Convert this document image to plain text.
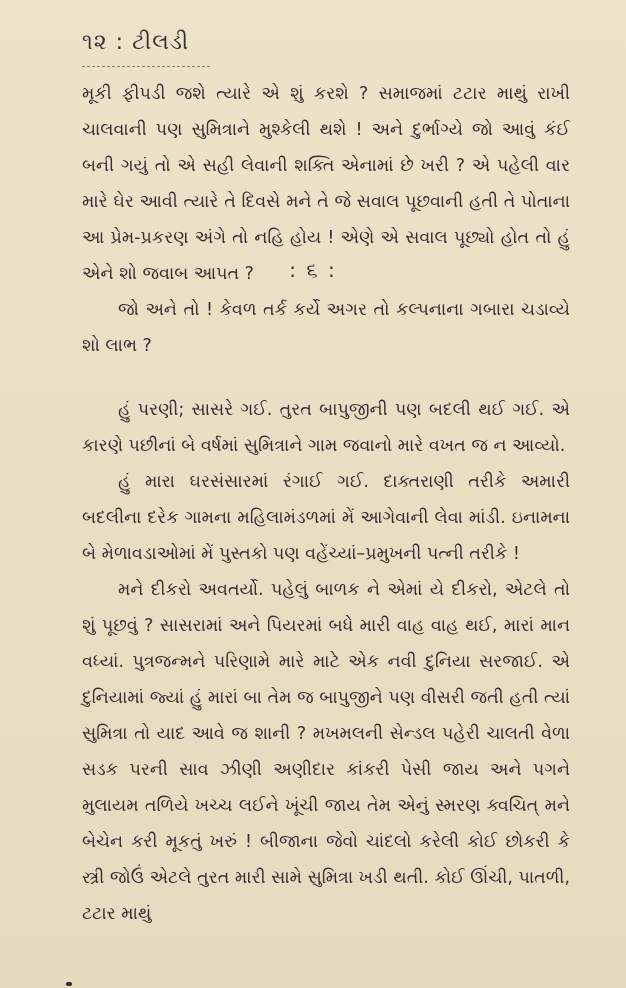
૧૨ : ટીલડી

મૂકી ફીપડી જશે ત્યારે એ શું કરશે ? સમાજમાં ટટાર માથું રાખી ચાલવાની પણ સુમિત્રાને મુશ્કેલી થશે ! અને દુર્ભાગ્યે જો આવું કંઈ બની ગયું તો એ સહી લેવાની શક્તિ એનામાં છે ખરી ? એ પહેલી વાર મારે ઘેર આવી ત્યારે તે દિવસે મને તે જે સવાલ પૂછવાની હતી તે પોતાના આ પ્રેમ-પ્રકરણ અંગે તો નહિ હોય ! એણે એ સવાલ પૂછ્યો હોત તો હું એને શો જવાબ આપત ?

જો અને તો ! કેવળ તર્ક કર્યે અગર તો કલ્પનાના ગબારા ચડાવ્યે શો લાભ ?

: ૬ :

હું પરણી; સાસરે ગઈ. તુરત બાપુજીની પણ બદલી થઈ ગઈ. એ કારણે પછીનાં બે વર્ષમાં સુમિત્રાને ગામ જવાનો મારે વખત જ ન આવ્યો.

હું મારા ઘરસંસારમાં રંગાઈ ગઈ. દાક્તરાણી તરીકે અમારી બદલીના દરેક ગામના મહિલામંડળમાં મેં આગેવાની લેવા માંડી. ઇનામના બે મેળાવડાઓમાં મેં પુસ્તકો પણ વહેંચ્યાં–પ્રમુખની પત્ની તરીકે !

મને દીકરો અવતર્યો. પહેલું બાળક ને એમાં યે દીકરો, એટલે તો શું પૂછવું ? સાસરામાં અને પિયરમાં બધે મારી વાહ વાહ થઈ, મારાં માન વધ્યાં. પુત્રજન્મને પરિણામે મારે માટે એક નવી દુનિયા સરજાઈ. એ દુનિયામાં જ્યાં હું મારાં બા તેમ જ બાપુજીને પણ વીસરી જતી હતી ત્યાં સુમિત્રા તો યાદ આવે જ શાની ? મખમલની સેન્ડલ પહેરી ચાલતી વેળા સડક પરની સાવ ઝીણી અણીદાર કાંકરી પેસી જાય અને પગને મુલાયમ તળિયે ખચ્ચ લઈને ખૂંચી જાય તેમ એનું સ્મરણ ક્વચિત્ મને બેચેન કરી મૂકતું ખરું ! બીજાના જેવો ચાંદલો કરેલી કોઈ છોકરી કે સ્ત્રી જોઉં એટલે તુરત મારી સામે સુમિત્રા ખડી થતી. કોઈ ઊંચી, પાતળી, ટટાર માથું
